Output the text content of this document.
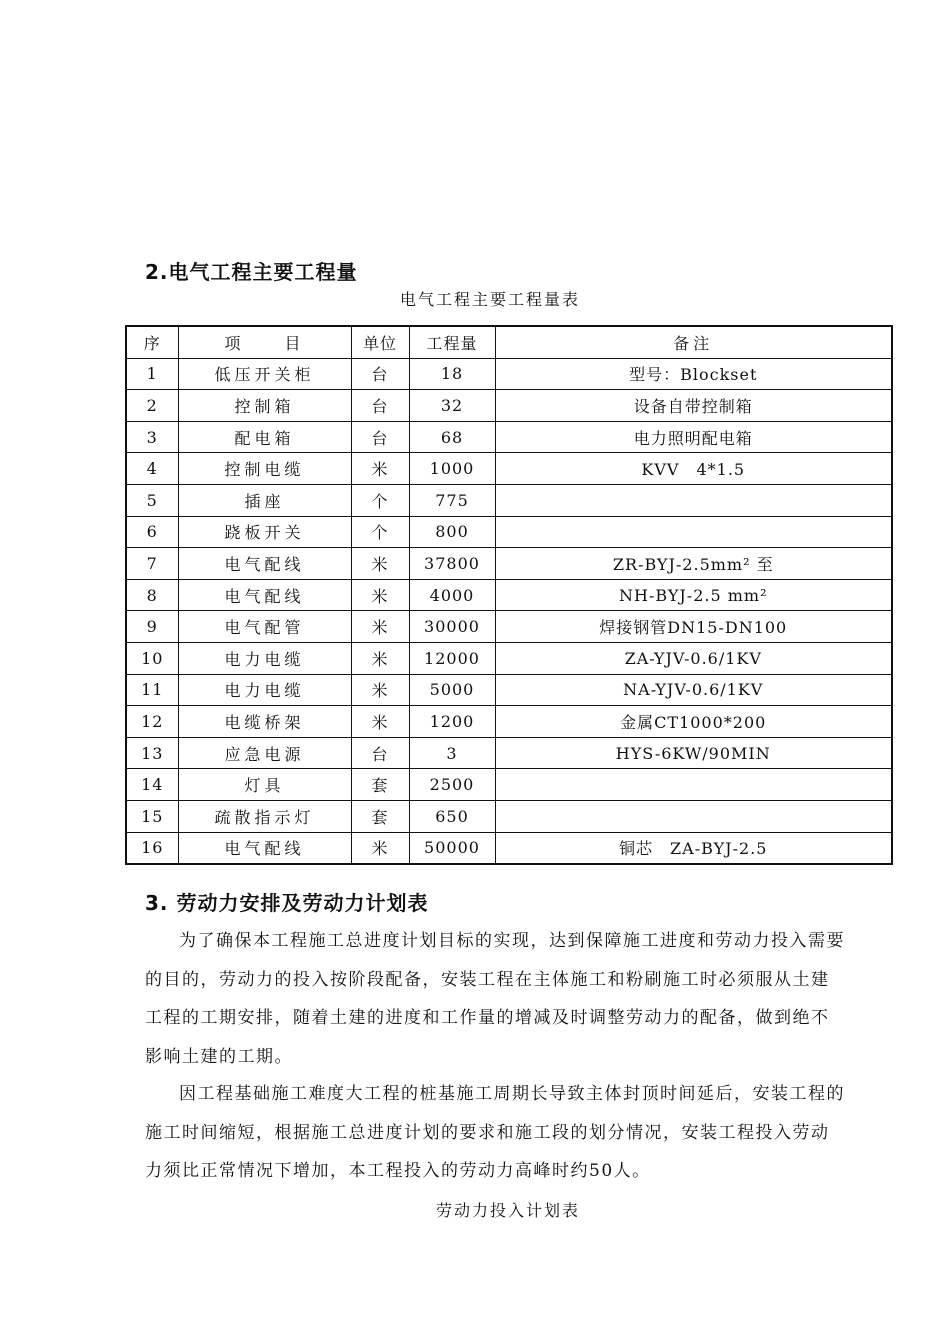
2.电气工程主要工程量
电气工程主要工程量表
序	项　　目	单位	工程量	备注
1	低压开关柜	台	18	型号：Blockset
2	控制箱	台	32	设备自带控制箱
3	配电箱	台	68	电力照明配电箱
4	控制电缆	米	1000	KVV　4*1.5
5	插座	个	775	
6	跷板开关	个	800	
7	电气配线	米	37800	ZR-BYJ-2.5mm² 至
8	电气配线	米	4000	NH-BYJ-2.5 mm²
9	电气配管	米	30000	焊接钢管DN15-DN100
10	电力电缆	米	12000	ZA-YJV-0.6/1KV
11	电力电缆	米	5000	NA-YJV-0.6/1KV
12	电缆桥架	米	1200	金属CT1000*200
13	应急电源	台	3	HYS-6KW/90MIN
14	灯具	套	2500	
15	疏散指示灯	套	650	
16	电气配线	米	50000	铜芯　ZA-BYJ-2.5
3. 劳动力安排及劳动力计划表

为了确保本工程施工总进度计划目标的实现，达到保障施工进度和劳动力投入需要的目的，劳动力的投入按阶段配备，安装工程在主体施工和粉刷施工时必须服从土建工程的工期安排，随着土建的进度和工作量的增减及时调整劳动力的配备，做到绝不影响土建的工期。

因工程基础施工难度大工程的桩基施工周期长导致主体封顶时间延后，安装工程的施工时间缩短，根据施工总进度计划的要求和施工段的划分情况，安装工程投入劳动力须比正常情况下增加，本工程投入的劳动力高峰时约50人。

劳动力投入计划表
